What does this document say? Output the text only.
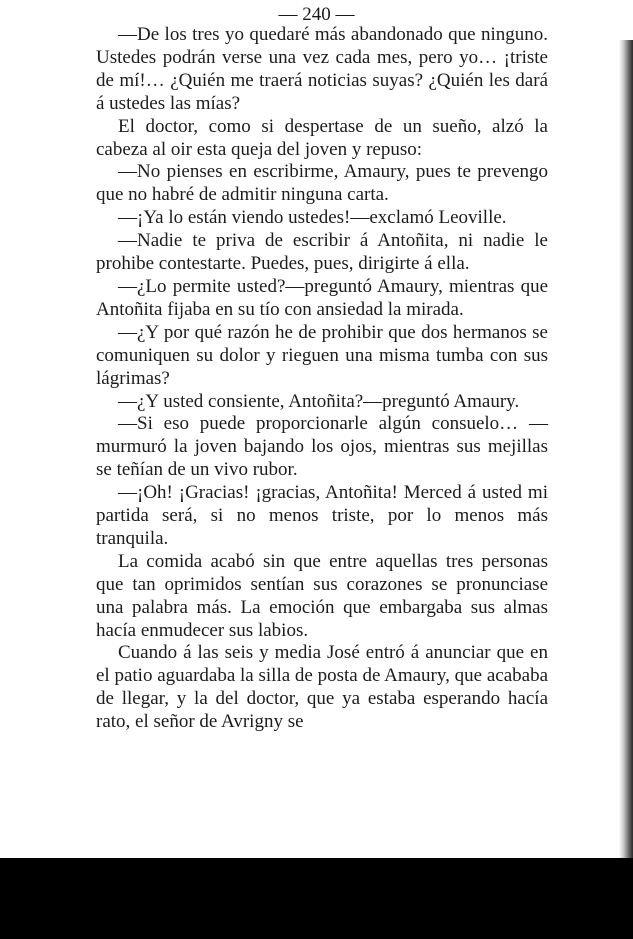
— 240 —

—De los tres yo quedaré más abandonado que ninguno. Ustedes podrán verse una vez cada mes, pero yo… ¡triste de mí!… ¿Quién me traerá noticias suyas? ¿Quién les dará á ustedes las mías?

El doctor, como si despertase de un sueño, alzó la cabeza al oir esta queja del joven y repuso:

—No pienses en escribirme, Amaury, pues te prevengo que no habré de admitir ninguna carta.

—¡Ya lo están viendo ustedes!—exclamó Leoville.

—Nadie te priva de escribir á Antoñita, ni nadie le prohibe contestarte. Puedes, pues, dirigirte á ella.

—¿Lo permite usted?—preguntó Amaury, mientras que Antoñita fijaba en su tío con ansiedad la mirada.

—¿Y por qué razón he de prohibir que dos hermanos se comuniquen su dolor y rieguen una misma tumba con sus lágrimas?

—¿Y usted consiente, Antoñita?—preguntó Amaury.

—Si eso puede proporcionarle algún consuelo… —murmuró la joven bajando los ojos, mientras sus mejillas se teñían de un vivo rubor.

—¡Oh! ¡Gracias! ¡gracias, Antoñita! Merced á usted mi partida será, si no menos triste, por lo menos más tranquila.

La comida acabó sin que entre aquellas tres personas que tan oprimidos sentían sus corazones se pronunciase una palabra más. La emoción que embargaba sus almas hacía enmudecer sus labios.

Cuando á las seis y media José entró á anunciar que en el patio aguardaba la silla de posta de Amaury, que acababa de llegar, y la del doctor, que ya estaba esperando hacía rato, el señor de Avrigny se
